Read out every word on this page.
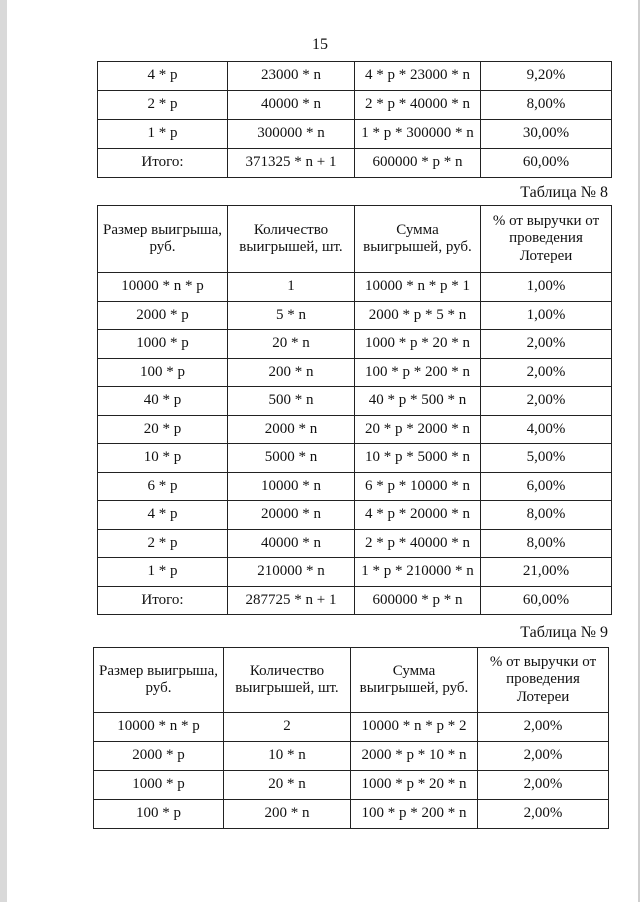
15
4 * p	23000 * n	4 * p * 23000 * n	9,20%
2 * p	40000 * n	2 * p * 40000 * n	8,00%
1 * p	300000 * n	1 * p * 300000 * n	30,00%
Итого:	371325 * n + 1	600000 * p * n	60,00%
Таблица № 8
Размер выигрыша, руб.	Количество выигрышей, шт.	Сумма выигрышей, руб.	% от выручки от проведения Лотереи
10000 * n * p	1	10000 * n * p * 1	1,00%
2000 * p	5 * n	2000 * p * 5 * n	1,00%
1000 * p	20 * n	1000 * p * 20 * n	2,00%
100 * p	200 * n	100 * p * 200 * n	2,00%
40 * p	500 * n	40 * p * 500 * n	2,00%
20 * p	2000 * n	20 * p * 2000 * n	4,00%
10 * p	5000 * n	10 * p * 5000 * n	5,00%
6 * p	10000 * n	6 * p * 10000 * n	6,00%
4 * p	20000 * n	4 * p * 20000 * n	8,00%
2 * p	40000 * n	2 * p * 40000 * n	8,00%
1 * p	210000 * n	1 * p * 210000 * n	21,00%
Итого:	287725 * n + 1	600000 * p * n	60,00%
Таблица № 9
Размер выигрыша, руб.	Количество выигрышей, шт.	Сумма выигрышей, руб.	% от выручки от проведения Лотереи
10000 * n * p	2	10000 * n * p * 2	2,00%
2000 * p	10 * n	2000 * p * 10 * n	2,00%
1000 * p	20 * n	1000 * p * 20 * n	2,00%
100 * p	200 * n	100 * p * 200 * n	2,00%
